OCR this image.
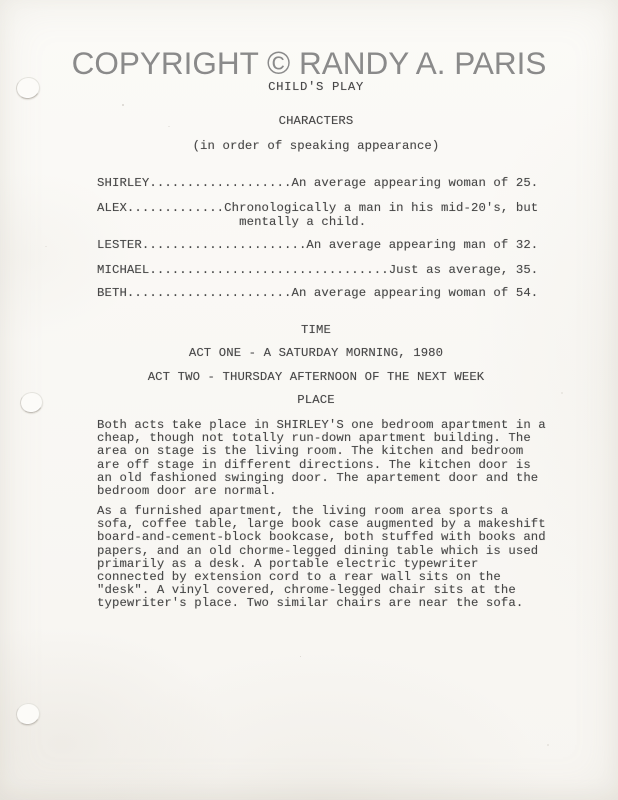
COPYRIGHT © RANDY A. PARIS
CHILD'S PLAY
CHARACTERS
(in order of speaking appearance)
SHIRLEY...................An average appearing woman of 25.
ALEX.............Chronologically a man in his mid-20's, but
mentally a child.
LESTER......................An average appearing man of 32.
MICHAEL................................Just as average, 35.
BETH......................An average appearing woman of 54.
TIME
ACT ONE - A SATURDAY MORNING, 1980
ACT TWO - THURSDAY AFTERNOON OF THE NEXT WEEK
PLACE
Both acts take place in SHIRLEY'S one bedroom apartment in a
cheap, though not totally run-down apartment building. The
area on stage is the living room. The kitchen and bedroom
are off stage in different directions. The kitchen door is
an old fashioned swinging door. The apartement door and the
bedroom door are normal.
As a furnished apartment, the living room area sports a
sofa, coffee table, large book case augmented by a makeshift
board-and-cement-block bookcase, both stuffed with books and
papers, and an old chorme-legged dining table which is used
primarily as a desk. A portable electric typewriter
connected by extension cord to a rear wall sits on the
"desk". A vinyl covered, chrome-legged chair sits at the
typewriter's place. Two similar chairs are near the sofa.
